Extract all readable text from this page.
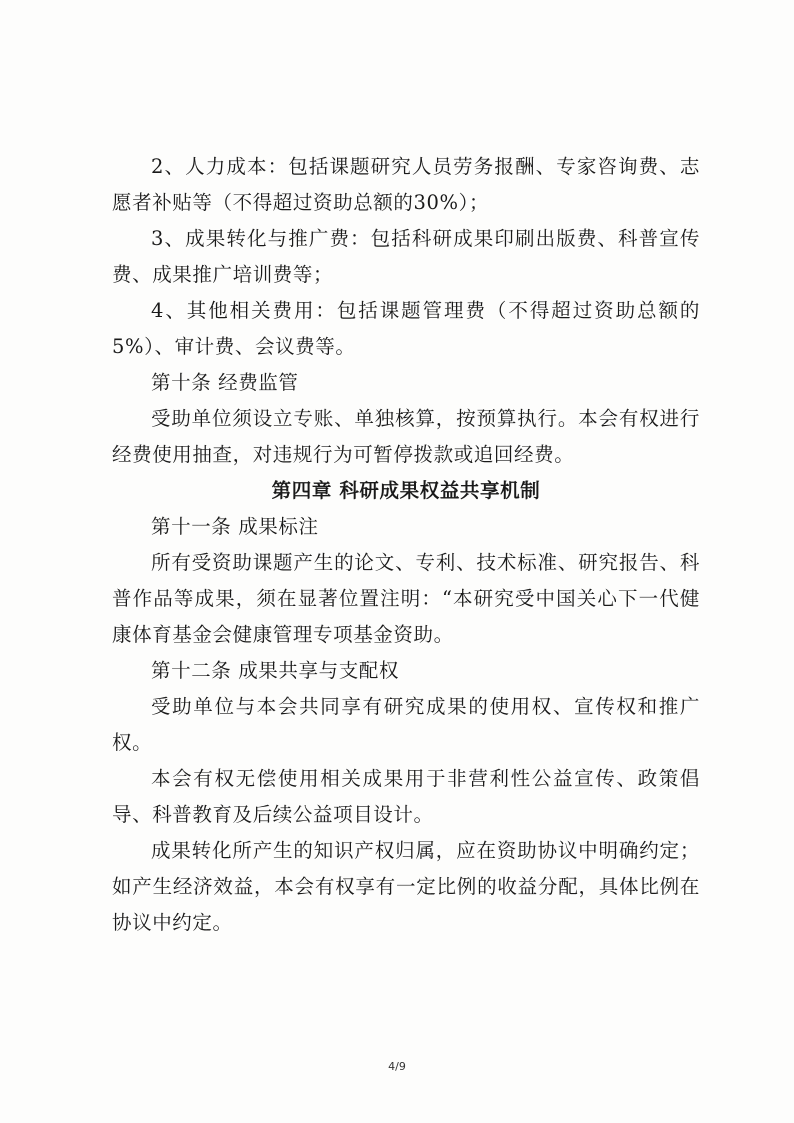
2、人力成本：包括课题研究人员劳务报酬、专家咨询费、志愿者补贴等（不得超过资助总额的30%）；

3、成果转化与推广费：包括科研成果印刷出版费、科普宣传费、成果推广培训费等；

4、其他相关费用：包括课题管理费（不得超过资助总额的5%）、审计费、会议费等。

第十条 经费监管

受助单位须设立专账、单独核算，按预算执行。本会有权进行经费使用抽查，对违规行为可暂停拨款或追回经费。

第四章 科研成果权益共享机制

第十一条 成果标注

所有受资助课题产生的论文、专利、技术标准、研究报告、科普作品等成果，须在显著位置注明：“本研究受中国关心下一代健康体育基金会健康管理专项基金资助。

第十二条 成果共享与支配权

受助单位与本会共同享有研究成果的使用权、宣传权和推广权。

本会有权无偿使用相关成果用于非营利性公益宣传、政策倡导、科普教育及后续公益项目设计。

成果转化所产生的知识产权归属，应在资助协议中明确约定；如产生经济效益，本会有权享有一定比例的收益分配，具体比例在协议中约定。

4/9
